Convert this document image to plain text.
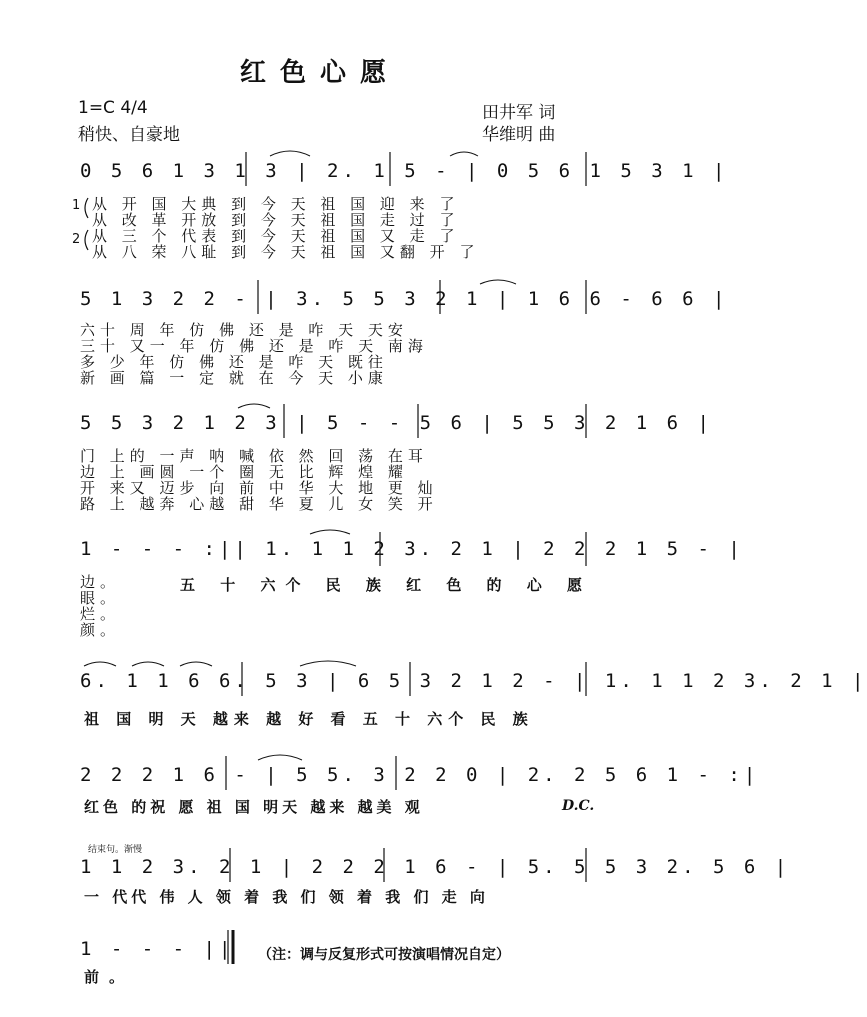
红色心愿
1=C 4/4
稍快、自豪地
田井军 词
华维明 曲
0 5 6 1 3 1 3 | 2. 1 5 - | 0 5 6 1 5 3 1 |
1
2
从 开 国 大典 到 今 天 祖 国 迎 来 了
从 改 革 开放 到 今 天 祖 国 走 过 了
从 三 个 代表 到 今 天 祖 国 又 走 了
从 八 荣 八耻 到 今 天 祖 国 又翻 开 了
5 1 3 2 2 - | 3. 5 5 3 2 1 | 1 6 6 - 6 6 |
六十 周 年 仿 佛 还 是 咋 天 天安
三十 又一 年 仿 佛 还 是 咋 天 南海
多 少 年 仿 佛 还 是 咋 天 既往
新 画 篇 一 定 就 在 今 天 小康
5 5 3 2 1 2 3 | 5 - - 5 6 | 5 5 3 2 1 6 |
门 上的 一声 呐 喊 依 然 回 荡 在耳
边 上 画圆 一个 圈 无 比 辉 煌 耀
开 来又 迈步 向 前 中 华 大 地 更 灿
路 上 越奔 心越 甜 华 夏 儿 女 笑 开
1 - - - :|| 1. 1 1 2 3. 2 1 | 2 2 2 1 5 - |
边。
眼。
烂。
颜。
五 十 六个 民 族 红 色 的 心 愿
6. 1 1 6 6. 5 3 | 6 5 3 2 1 2 - | 1. 1 1 2 3. 2 1 |
祖 国 明 天 越来 越 好 看 五 十 六个 民 族
2 2 2 1 6 - | 5 5. 3 2 2 0 | 2. 2 5 6 1 - :|
红色 的祝 愿 祖 国 明天 越来 越美 观	D.C.
结束句。渐慢
1 1 2 3. 2 1 | 2 2 2 1 6 - | 5. 5 5 3 2. 5 6 |
一 代代 伟 人 领 着 我 们 领 着 我 们 走 向
1 - - - ||
前。
（注：调与反复形式可按演唱情况自定）
